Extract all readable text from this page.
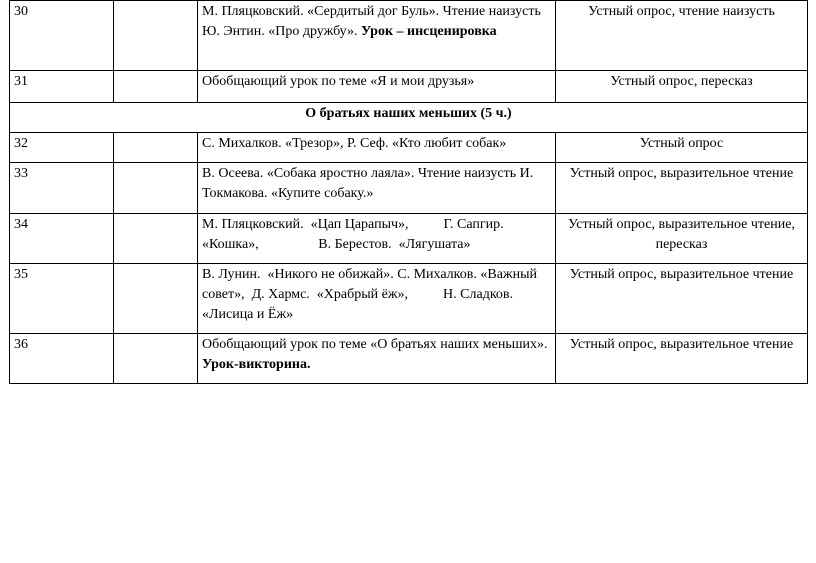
30		М. Пляцковский. «Сердитый дог Буль». Чтение наизусть Ю. Энтин. «Про дружбу». Урок – инсценировка	Устный опрос, чтение наизусть
31		Обобщающий урок по теме «Я и мои друзья»	Устный опрос, пересказ
О братьях наших меньших (5 ч.)			
32		С. Михалков. «Трезор», Р. Сеф. «Кто любит собак»	Устный опрос
33		В. Осеева. «Собака яростно лаяла». Чтение наизусть И. Токмакова. «Купите собаку.»	Устный опрос, выразительное чтение
34		М. Пляцковский.  «Цап Царапыч»,          Г. Сапгир. «Кошка»,                 В. Берестов.  «Лягушата»	Устный опрос, выразительное чтение, пересказ
35		В. Лунин.  «Никого не обижай». С. Михалков. «Важный совет»,  Д. Хармс.  «Храбрый ёж»,          Н. Сладков. «Лисица и Ёж»	Устный опрос, выразительное чтение
36		Обобщающий урок по теме «О братьях наших меньших». Урок-викторина.	Устный опрос, выразительное чтение
